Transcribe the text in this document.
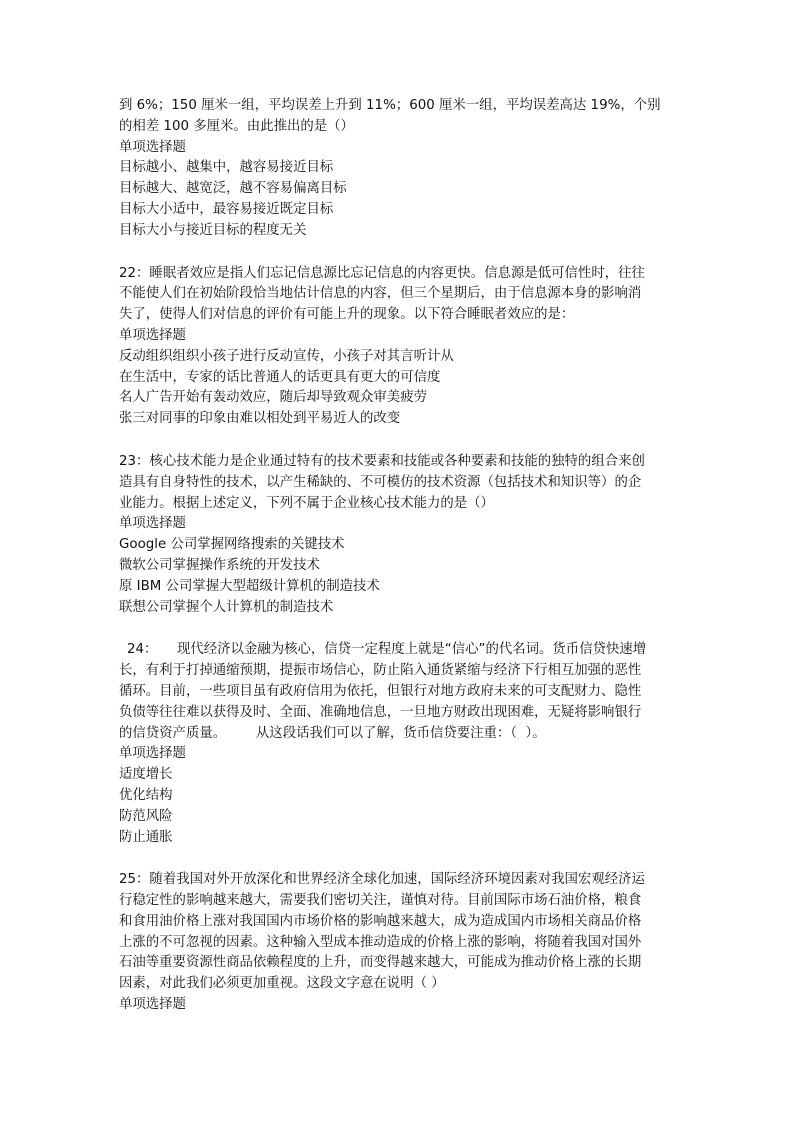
到 6%；150 厘米一组，平均误差上升到 11%；600 厘米一组，平均误差高达 19%，个别
的相差 100 多厘米。由此推出的是（）
单项选择题
目标越小、越集中，越容易接近目标
目标越大、越宽泛，越不容易偏离目标
目标大小适中，最容易接近既定目标
目标大小与接近目标的程度无关
22：睡眠者效应是指人们忘记信息源比忘记信息的内容更快。信息源是低可信性时，往往
不能使人们在初始阶段恰当地估计信息的内容，但三个星期后，由于信息源本身的影响消
失了，使得人们对信息的评价有可能上升的现象。以下符合睡眠者效应的是：
单项选择题
反动组织组织小孩子进行反动宣传，小孩子对其言听计从
在生活中，专家的话比普通人的话更具有更大的可信度
名人广告开始有轰动效应，随后却导致观众审美疲劳
张三对同事的印象由难以相处到平易近人的改变
23：核心技术能力是企业通过特有的技术要素和技能或各种要素和技能的独特的组合来创
造具有自身特性的技术，以产生稀缺的、不可模仿的技术资源（包括技术和知识等）的企
业能力。根据上述定义，下列不属于企业核心技术能力的是（）
单项选择题
Google 公司掌握网络搜索的关键技术
微软公司掌握操作系统的开发技术
原 IBM 公司掌握大型超级计算机的制造技术
联想公司掌握个人计算机的制造技术
24： 现代经济以金融为核心，信贷一定程度上就是“信心”的代名词。货币信贷快速增
长，有利于打掉通缩预期，提振市场信心，防止陷入通货紧缩与经济下行相互加强的恶性
循环。目前，一些项目虽有政府信用为依托，但银行对地方政府未来的可支配财力、隐性
负债等往往难以获得及时、全面、准确地信息，一旦地方财政出现困难，无疑将影响银行
的信贷资产质量。       从这段话我们可以了解，货币信贷要注重：（  ）。
单项选择题
适度增长
优化结构
防范风险
防止通胀
25：随着我国对外开放深化和世界经济全球化加速，国际经济环境因素对我国宏观经济运
行稳定性的影响越来越大，需要我们密切关注，谨慎对待。目前国际市场石油价格，粮食
和食用油价格上涨对我国国内市场价格的影响越来越大，成为造成国内市场相关商品价格
上涨的不可忽视的因素。这种输入型成本推动造成的价格上涨的影响，将随着我国对国外
石油等重要资源性商品依赖程度的上升，而变得越来越大，可能成为推动价格上涨的长期
因素，对此我们必须更加重视。这段文字意在说明（ ）
单项选择题
